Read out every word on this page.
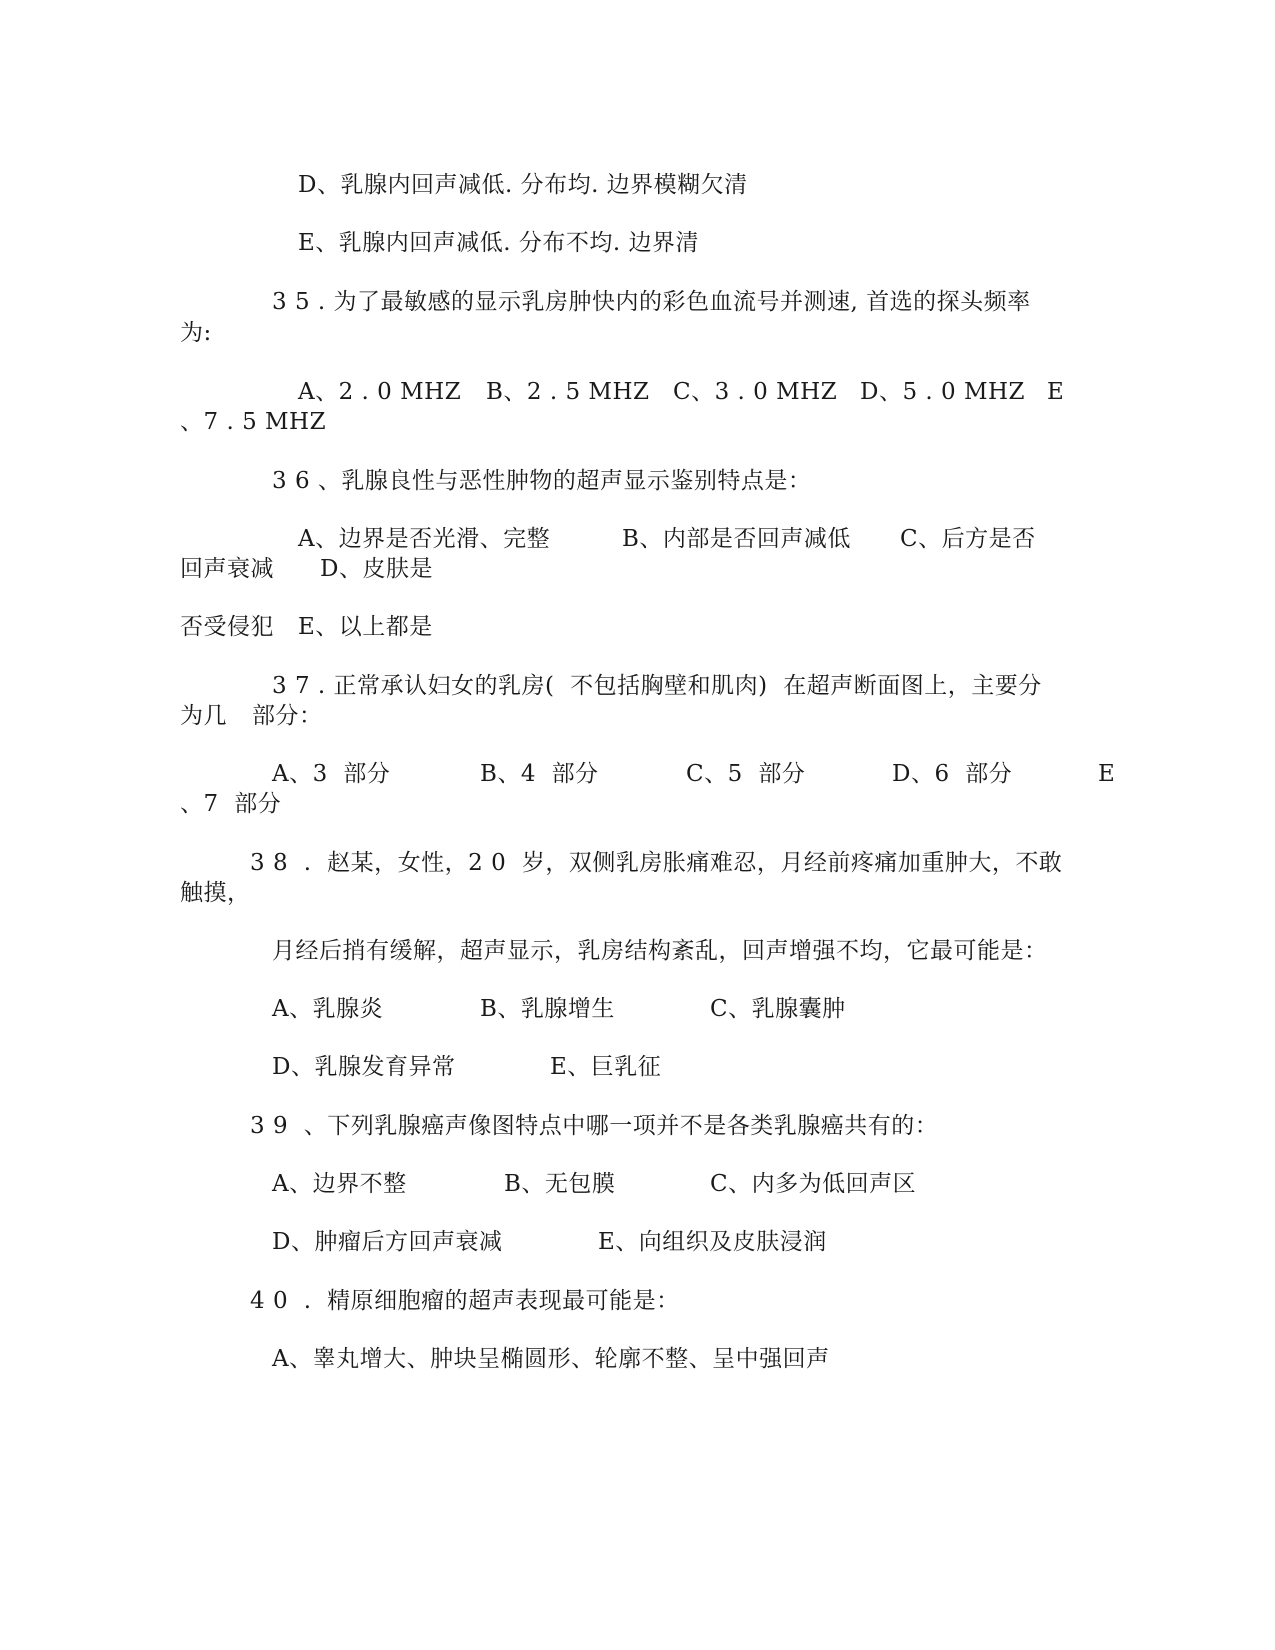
D、乳腺内回声减低. 分布均. 边界模糊欠清
E、乳腺内回声减低. 分布不均. 边界清
3 5 . 为了最敏感的显示乳房肿快内的彩色血流号并测速, 首选的探头频率
为:
A、2 . 0 MHZ B、2 . 5 MHZ C、3 . 0 MHZ D、5 . 0 MHZ E
、7 . 5 MHZ
3 6 、乳腺良性与恶性肿物的超声显示鉴别特点是：
A、边界是否光滑、完整	B、内部是否回声减低 C、后方是否
回声衰减 D、皮肤是
否受侵犯 E、以上都是
3 7 . 正常承认妇女的乳房(  不包括胸壁和肌肉)  在超声断面图上，主要分
为几 部分：
A、3  部分	B、4  部分	C、5  部分	D、6  部分	E
、7  部分
3 8  .  赵某，女性，2 0  岁，双侧乳房胀痛难忍，月经前疼痛加重肿大，不敢
触摸，
月经后捎有缓解，超声显示，乳房结构紊乱，回声增强不均，它最可能是：
A、乳腺炎	B、乳腺增生	C、乳腺囊肿
D、乳腺发育异常	E、巨乳征
3 9  、下列乳腺癌声像图特点中哪一项并不是各类乳腺癌共有的：
A、边界不整	B、无包膜	C、内多为低回声区
D、肿瘤后方回声衰减	E、向组织及皮肤浸润
4 0  .  精原细胞瘤的超声表现最可能是：
A、睾丸增大、肿块呈椭圆形、轮廓不整、呈中强回声
